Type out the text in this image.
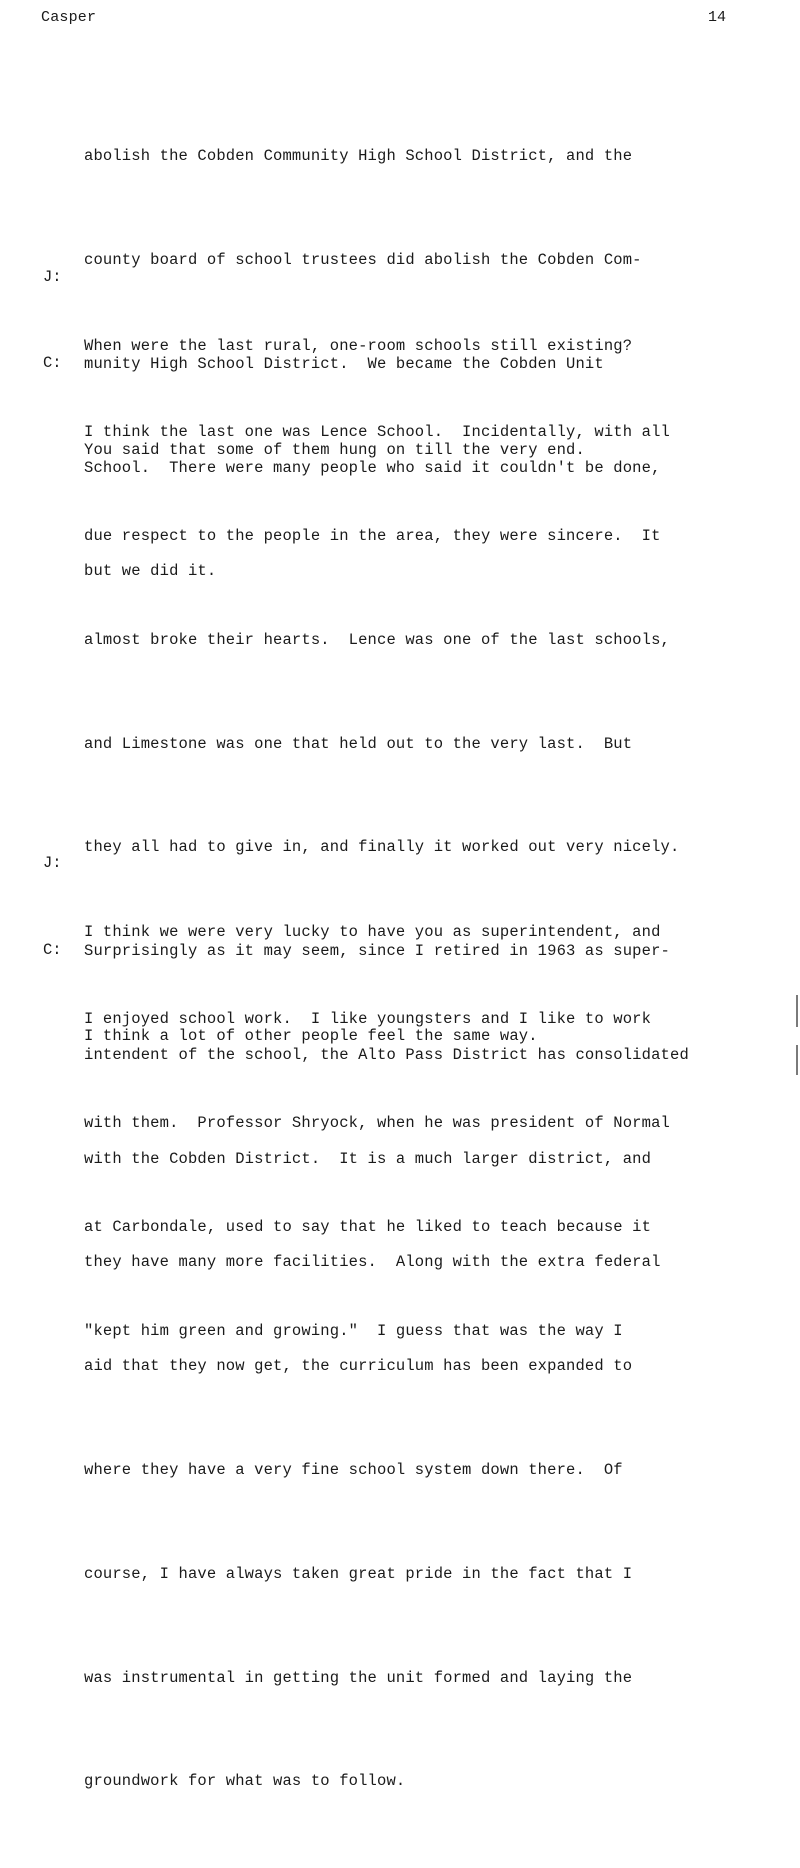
Casper	14

abolish the Cobden Community High School District, and the

county board of school trustees did abolish the Cobden Com-

munity High School District.  We became the Cobden Unit

School.  There were many people who said it couldn't be done,

but we did it.

J:

When were the last rural, one-room schools still existing?

You said that some of them hung on till the very end.

C:

I think the last one was Lence School.  Incidentally, with all

due respect to the people in the area, they were sincere.  It

almost broke their hearts.  Lence was one of the last schools,

and Limestone was one that held out to the very last.  But

they all had to give in, and finally it worked out very nicely.

Surprisingly as it may seem, since I retired in 1963 as super-

intendent of the school, the Alto Pass District has consolidated

with the Cobden District.  It is a much larger district, and

they have many more facilities.  Along with the extra federal

aid that they now get, the curriculum has been expanded to

where they have a very fine school system down there.  Of

course, I have always taken great pride in the fact that I

was instrumental in getting the unit formed and laying the

groundwork for what was to follow.

J:

I think we were very lucky to have you as superintendent, and

I think a lot of other people feel the same way.

C:

I enjoyed school work.  I like youngsters and I like to work

with them.  Professor Shryock, when he was president of Normal

at Carbondale, used to say that he liked to teach because it

"kept him green and growing."  I guess that was the way I
